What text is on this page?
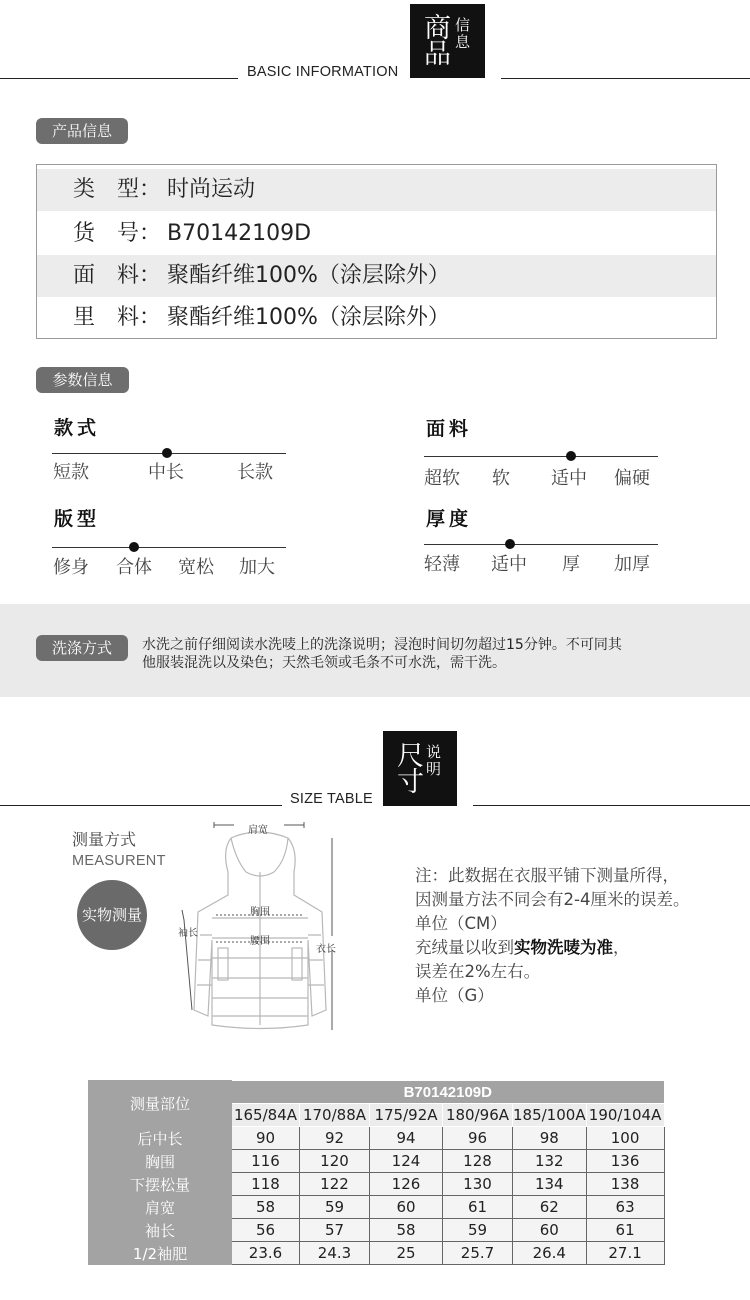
BASIC INFORMATION
商品
信
息
产品信息
类　型： 时尚运动
货　号： B70142109D
面　料： 聚酯纤维100%（涂层除外）
里　料： 聚酯纤维100%（涂层除外）
参数信息
款式
短款	中长	长款
面料
超软 软 适中 偏硬
版型
修身 合体 宽松 加大
厚度
轻薄 适中 厚 加厚
洗涤方式	水洗之前仔细阅读水洗唛上的洗涤说明；浸泡时间切勿超过15分钟。不可同其
他服装混洗以及染色；天然毛领或毛条不可水洗，需干洗。
SIZE TABLE
尺
寸
说
明
测量方式
MEASURENT
实物测量
肩宽
胸围
腰围
袖长
衣长
注：此数据在衣服平铺下测量所得，
因测量方法不同会有2-4厘米的误差。
单位（CM）
充绒量以收到实物洗唛为准，
误差在2%左右。
单位（G）
测量部位	B70142109D					
	165/84A	170/88A	175/92A	180/96A	185/100A	190/104A
后中长	90	92	94	96	98	100
胸围	116	120	124	128	132	136
下摆松量	118	122	126	130	134	138
肩宽	58	59	60	61	62	63
袖长	56	57	58	59	60	61
1/2袖肥	23.6	24.3	25	25.7	26.4	27.1
